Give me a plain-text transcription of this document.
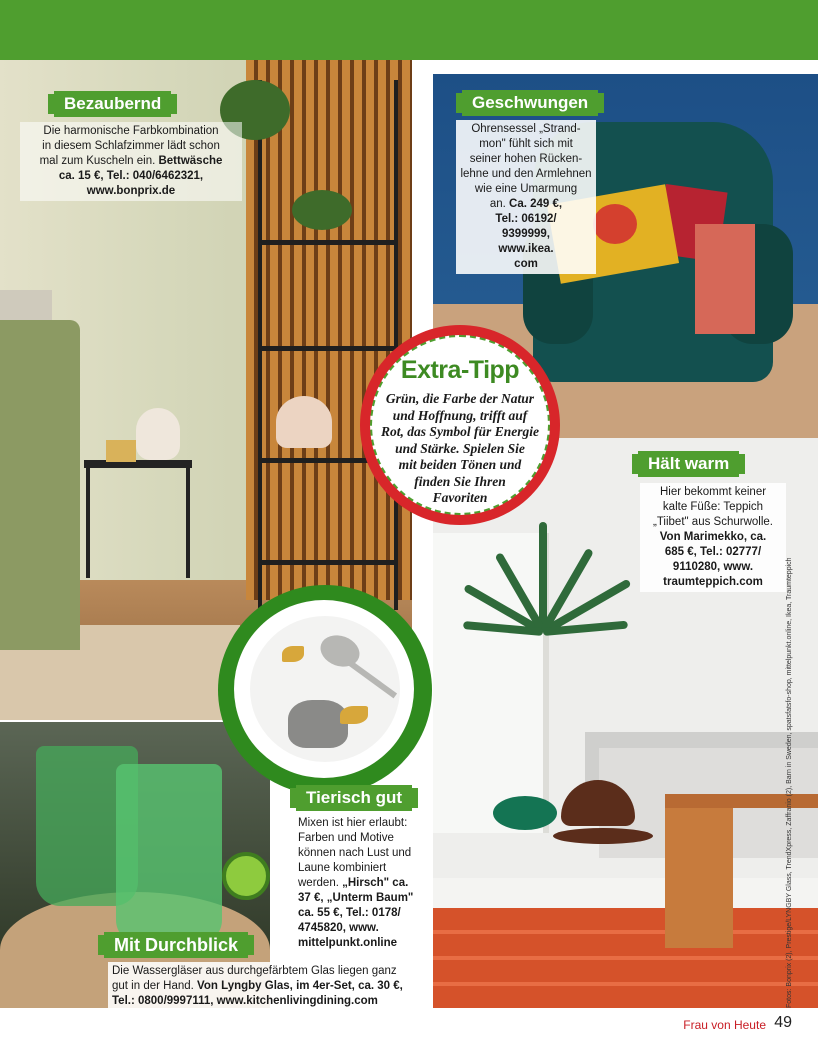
Bezaubernd
Die harmonische Farbkombination
in diesem Schlafzimmer lädt schon
mal zum Kuscheln ein. Bettwäsche
ca. 15 €, Tel.: 040/6462321,
www.bonprix.de
Geschwungen
Ohrensessel „Strand-
mon" fühlt sich mit
seiner hohen Rücken-
lehne und den Armlehnen
wie eine Umarmung
an. Ca. 249 €,
Tel.: 06192/
9399999,
www.ikea.
com
Extra-Tipp
Grün, die Farbe der Natur
und Hoffnung, trifft auf
Rot, das Symbol für Energie
und Stärke. Spielen Sie
mit beiden Tönen und
finden Sie Ihren
Favoriten
Hält warm
Hier bekommt keiner
kalte Füße: Teppich
„Tiibet" aus Schurwolle.
Von Marimekko, ca.
685 €, Tel.: 02777/
9110280, www.
traumteppich.com
Tierisch gut
Mixen ist hier erlaubt:
Farben und Motive
können nach Lust und
Laune kombiniert
werden. „Hirsch" ca.
37 €, „Unterm Baum"
ca. 55 €, Tel.: 0178/
4745820, www.
mittelpunkt.online
Mit Durchblick
Die Wassergläser aus durchgefärbtem Glas liegen ganz
gut in der Hand. Von Lyngby Glas, im 4er-Set, ca. 30 €,
Tel.: 0800/9997111, www.kitchenlivingdining.com	Fotos: Bonprix (2), Prestige/LYNGBY Glass, TrendXpress, Zaffranio (2), Barn in Sweden, spatsfatsfo-shop, mittelpunkt.online, Ikea, Traumteppich
Frau von Heute 49
